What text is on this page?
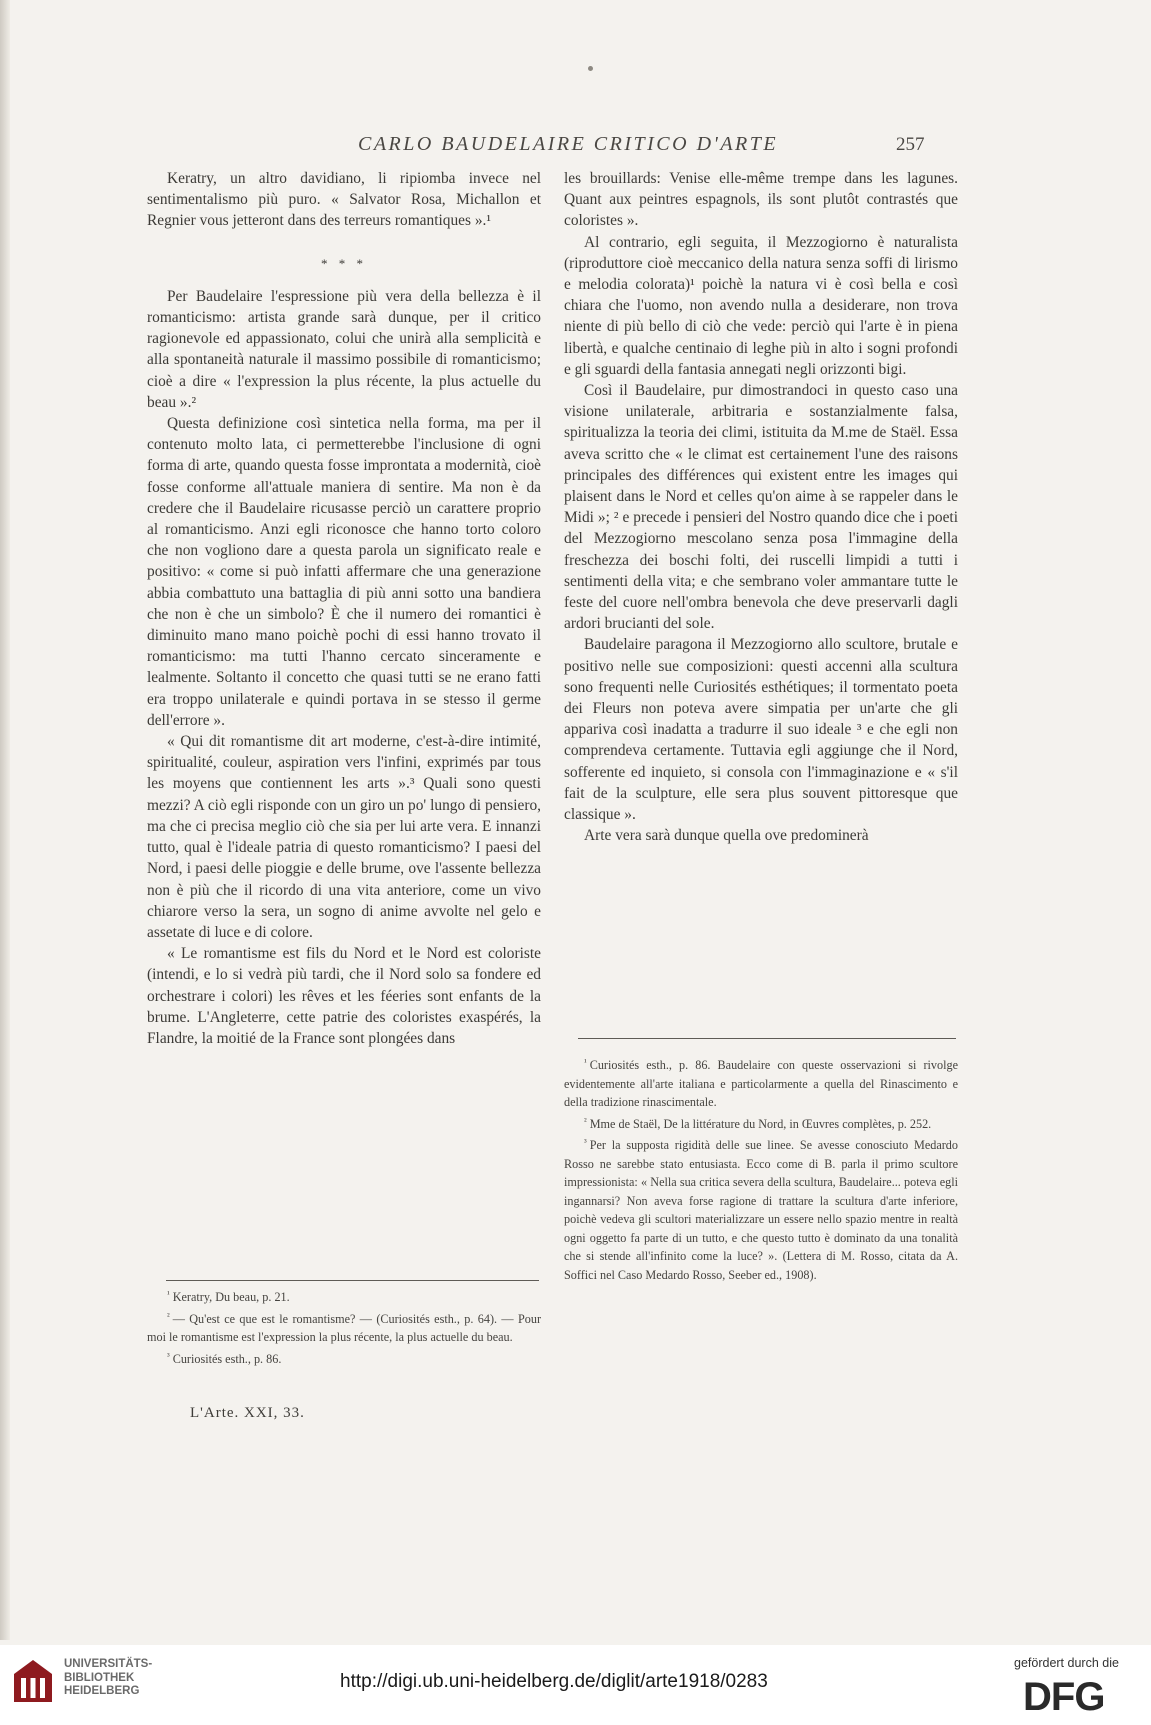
CARLO BAUDELAIRE CRITICO D'ARTE	257

Keratry, un altro davidiano, li ripiomba invece nel sentimentalismo più puro. « Salvator Rosa, Michallon et Regnier vous jetteront dans des terreurs romantiques ».¹

* * *

Per Baudelaire l'espressione più vera della bellezza è il romanticismo: artista grande sarà dunque, per il critico ragionevole ed appassionato, colui che unirà alla semplicità e alla spontaneità naturale il massimo possibile di romanticismo; cioè a dire « l'expression la plus récente, la plus actuelle du beau ».²

Questa definizione così sintetica nella forma, ma per il contenuto molto lata, ci permetterebbe l'inclusione di ogni forma di arte, quando questa fosse improntata a modernità, cioè fosse conforme all'attuale maniera di sentire. Ma non è da credere che il Baudelaire ricusasse perciò un carattere proprio al romanticismo. Anzi egli riconosce che hanno torto coloro che non vogliono dare a questa parola un significato reale e positivo: « come si può infatti affermare che una generazione abbia combattuto una battaglia di più anni sotto una bandiera che non è che un simbolo? È che il numero dei romantici è diminuito mano mano poichè pochi di essi hanno trovato il romanticismo: ma tutti l'hanno cercato sinceramente e lealmente. Soltanto il concetto che quasi tutti se ne erano fatti era troppo unilaterale e quindi portava in se stesso il germe dell'errore ».

« Qui dit romantisme dit art moderne, c'est-à-dire intimité, spiritualité, couleur, aspiration vers l'infini, exprimés par tous les moyens que contiennent les arts ».³ Quali sono questi mezzi? A ciò egli risponde con un giro un po' lungo di pensiero, ma che ci precisa meglio ciò che sia per lui arte vera. E innanzi tutto, qual è l'ideale patria di questo romanticismo? I paesi del Nord, i paesi delle pioggie e delle brume, ove l'assente bellezza non è più che il ricordo di una vita anteriore, come un vivo chiarore verso la sera, un sogno di anime avvolte nel gelo e assetate di luce e di colore.

« Le romantisme est fils du Nord et le Nord est coloriste (intendi, e lo si vedrà più tardi, che il Nord solo sa fondere ed orchestrare i colori) les rêves et les féeries sont enfants de la brume. L'Angleterre, cette patrie des coloristes exaspérés, la Flandre, la moitié de la France sont plongées dans

les brouillards: Venise elle-même trempe dans les lagunes. Quant aux peintres espagnols, ils sont plutôt contrastés que coloristes ».

Al contrario, egli seguita, il Mezzogiorno è naturalista (riproduttore cioè meccanico della natura senza soffi di lirismo e melodia colorata)¹ poichè la natura vi è così bella e così chiara che l'uomo, non avendo nulla a desiderare, non trova niente di più bello di ciò che vede: perciò qui l'arte è in piena libertà, e qualche centinaio di leghe più in alto i sogni profondi e gli sguardi della fantasia annegati negli orizzonti bigi.

Così il Baudelaire, pur dimostrandoci in questo caso una visione unilaterale, arbitraria e sostanzialmente falsa, spiritualizza la teoria dei climi, istituita da M.me de Staël. Essa aveva scritto che « le climat est certainement l'une des raisons principales des différences qui existent entre les images qui plaisent dans le Nord et celles qu'on aime à se rappeler dans le Midi »; ² e precede i pensieri del Nostro quando dice che i poeti del Mezzogiorno mescolano senza posa l'immagine della freschezza dei boschi folti, dei ruscelli limpidi a tutti i sentimenti della vita; e che sembrano voler ammantare tutte le feste del cuore nell'ombra benevola che deve preservarli dagli ardori brucianti del sole.

Baudelaire paragona il Mezzogiorno allo scultore, brutale e positivo nelle sue composizioni: questi accenni alla scultura sono frequenti nelle Curiosités esthétiques; il tormentato poeta dei Fleurs non poteva avere simpatia per un'arte che gli appariva così inadatta a tradurre il suo ideale ³ e che egli non comprendeva certamente. Tuttavia egli aggiunge che il Nord, sofferente ed inquieto, si consola con l'immaginazione e « s'il fait de la sculpture, elle sera plus souvent pittoresque que classique ».

Arte vera sarà dunque quella ove predominerà

$^{^1}$ Keratry, Du beau, p. 21.

$^{^2}$ — Qu'est ce que est le romantisme? — (Curiosités esth., p. 64). — Pour moi le romantisme est l'expression la plus récente, la plus actuelle du beau.

$^{^3}$ Curiosités esth., p. 86.

L'Arte. XXI, 33.

$^{^1}$ Curiosités esth., p. 86. Baudelaire con queste osservazioni si rivolge evidentemente all'arte italiana e particolarmente a quella del Rinascimento e della tradizione rinascimentale.

$^{^2}$ Mme de Staël, De la littérature du Nord, in Œuvres complètes, p. 252.

$^{^3}$ Per la supposta rigidità delle sue linee. Se avesse conosciuto Medardo Rosso ne sarebbe stato entusiasta. Ecco come di B. parla il primo scultore impressionista: « Nella sua critica severa della scultura, Baudelaire... poteva egli ingannarsi? Non aveva forse ragione di trattare la scultura d'arte inferiore, poichè vedeva gli scultori materializzare un essere nello spazio mentre in realtà ogni oggetto fa parte di un tutto, e che questo tutto è dominato da una tonalità che si stende all'infinito come la luce? ». (Lettera di M. Rosso, citata da A. Soffici nel Caso Medardo Rosso, Seeber ed., 1908).

UNIVERSITÄTS-
BIBLIOTHEK
HEIDELBERG	http://digi.ub.uni-heidelberg.de/diglit/arte1918/0283
gefördert durch die
DFG
